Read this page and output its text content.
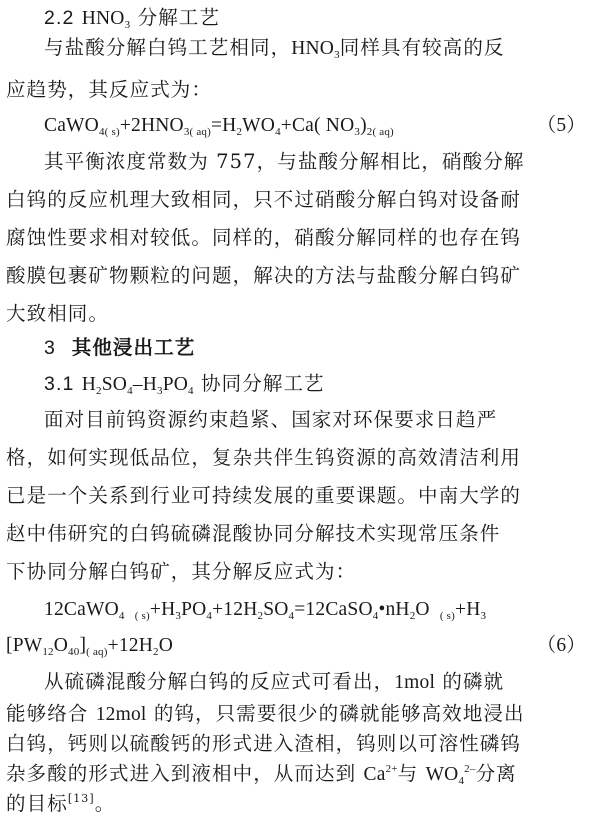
2.2 $HNO_3$ 分解工艺
与盐酸分解白钨工艺相同，$HNO_3$同样具有较高的反
应趋势，其反应式为：
$CaWO_{4( s)}+2HNO_{3( aq)}=H_2WO_4+Ca$( $NO_3)_{2( aq)}$	（5）
其平衡浓度常数为 757，与盐酸分解相比，硝酸分解
白钨的反应机理大致相同，只不过硝酸分解白钨对设备耐
腐蚀性要求相对较低。同样的，硝酸分解同样的也存在钨
酸膜包裹矿物颗粒的问题，解决的方法与盐酸分解白钨矿
大致相同。
3 其他浸出工艺
3.1 $H_2SO_4-H_3PO_4$ 协同分解工艺
面对目前钨资源约束趋紧、国家对环保要求日趋严
格，如何实现低品位，复杂共伴生钨资源的高效清洁利用
已是一个关系到行业可持续发展的重要课题。中南大学的
赵中伟研究的白钨硫磷混酸协同分解技术实现常压条件
下协同分解白钨矿，其分解反应式为：
12CaWO$_4$ $_{( s)}+H_3PO_4+12H_2SO_4=12CaSO_4•nH_2O$ $_{( s)}+H_3$
$[PW_{12}O_{40}]_{( aq)}+12H_2O$	（6）
从硫磷混酸分解白钨的反应式可看出，1mol 的磷就
能够络合 12mol 的钨，只需要很少的磷就能够高效地浸出
白钨，钙则以硫酸钙的形式进入渣相，钨则以可溶性磷钨
杂多酸的形式进入到液相中，从而达到 $Ca^{2+}$与 $WO_4^{2-}$分离
的目标[13]。
